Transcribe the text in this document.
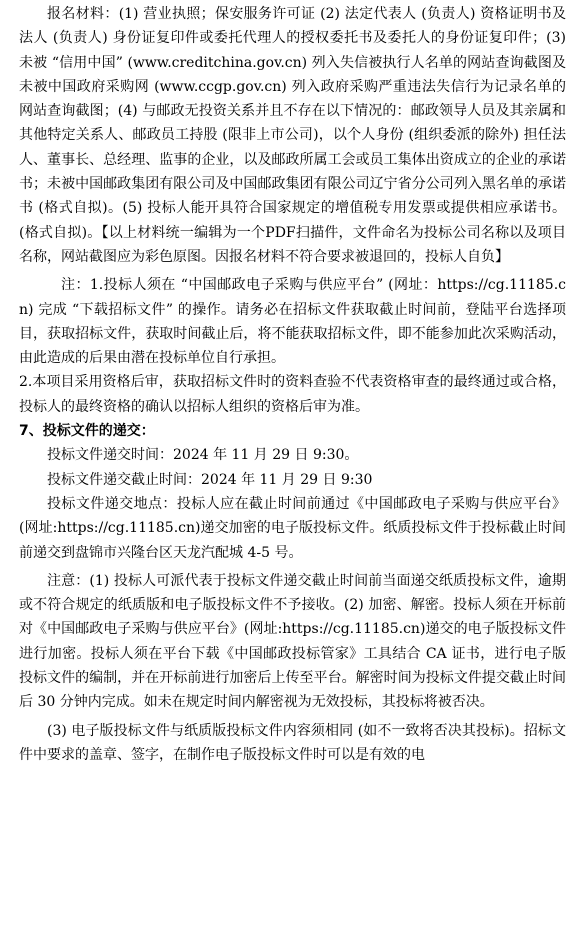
报名材料：(1) 营业执照；保安服务许可证 (2) 法定代表人 (负责人) 资格证明书及法人 (负责人) 身份证复印件或委托代理人的授权委托书及委托人的身份证复印件；(3) 未被 “信用中国” (www.creditchina.gov.cn) 列入失信被执行人名单的网站查询截图及未被中国政府采购网 (www.ccgp.gov.cn) 列入政府采购严重违法失信行为记录名单的网站查询截图；(4) 与邮政无投资关系并且不存在以下情况的：邮政领导人员及其亲属和其他特定关系人、邮政员工持股 (限非上市公司)，以个人身份 (组织委派的除外) 担任法人、董事长、总经理、监事的企业，以及邮政所属工会或员工集体出资成立的企业的承诺书；未被中国邮政集团有限公司及中国邮政集团有限公司辽宁省分公司列入黑名单的承诺书 (格式自拟)。(5) 投标人能开具符合国家规定的增值税专用发票或提供相应承诺书。(格式自拟)。【以上材料统一编辑为一个PDF扫描件，文件命名为投标公司名称以及项目名称，网站截图应为彩色原图。因报名材料不符合要求被退回的，投标人自负】

注：1.投标人须在 “中国邮政电子采购与供应平台” (网址：https://cg.11185.cn) 完成 “下载招标文件” 的操作。请务必在招标文件获取截止时间前，登陆平台选择项目，获取招标文件，获取时间截止后，将不能获取招标文件，即不能参加此次采购活动，由此造成的后果由潜在投标单位自行承担。

2.本项目采用资格后审，获取招标文件时的资料查验不代表资格审查的最终通过或合格，投标人的最终资格的确认以招标人组织的资格后审为准。

7、投标文件的递交：

投标文件递交时间：2024 年 11 月 29 日 9:30。

投标文件递交截止时间：2024 年 11 月 29 日 9:30

投标文件递交地点：投标人应在截止时间前通过《中国邮政电子采购与供应平台》(网址:https://cg.11185.cn)递交加密的电子版投标文件。纸质投标文件于投标截止时间前递交到盘锦市兴隆台区天龙汽配城 4-5 号。

注意：(1) 投标人可派代表于投标文件递交截止时间前当面递交纸质投标文件，逾期或不符合规定的纸质版和电子版投标文件不予接收。(2) 加密、解密。投标人须在开标前对《中国邮政电子采购与供应平台》(网址:https://cg.11185.cn)递交的电子版投标文件进行加密。投标人须在平台下载《中国邮政投标管家》工具结合 CA 证书，进行电子版投标文件的编制，并在开标前进行加密后上传至平台。解密时间为投标文件提交截止时间后 30 分钟内完成。如未在规定时间内解密视为无效投标，其投标将被否决。

(3) 电子版投标文件与纸质版投标文件内容须相同 (如不一致将否决其投标)。招标文件中要求的盖章、签字，在制作电子版投标文件时可以是有效的电
